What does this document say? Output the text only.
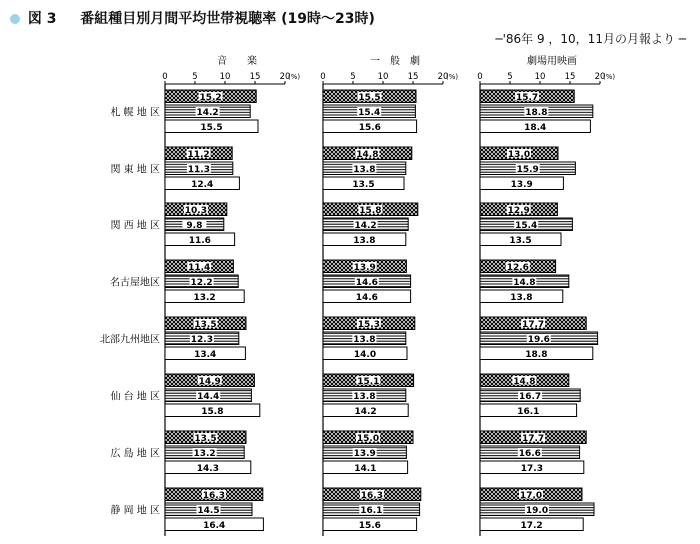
図 3 番組種目別月間平均世帯視聴率 (19時～23時)
─'86年 9 ，10，11月の月報より ─
札 幌 地 区
関 東 地 区
関 西 地 区
名古屋地区
北部九州地区
仙 台 地 区
広 島 地 区
静 岡 地 区
音　　楽
0	5	10 15 20
(%)
15.2
11.2
10.3
11.4
13.5
14.9
13.5
16.3
14.2
11.3
9.8
12.2
12.3
14.4
13.2
14.5
15.5
12.4
11.6
13.2
13.4
15.8
14.3
16.4
一　般　劇
0	5	10 15 20
(%)
15.5
14.8
15.8
13.9
15.3
15.1
15.0
16.3
15.4
13.8
14.2
14.6
13.8
13.8
13.9
16.1
15.6
13.5
13.8
14.6
14.0
14.2
14.1
15.6
劇場用映画
0	5	10 15 20
(%)
15.7
13.0
12.9
12.6
17.7
14.8
17.7
17.0
18.8
15.9
15.4
14.8
19.6
16.7
16.6
19.0
18.4
13.9
13.5
13.8
18.8
16.1
17.3
17.2
